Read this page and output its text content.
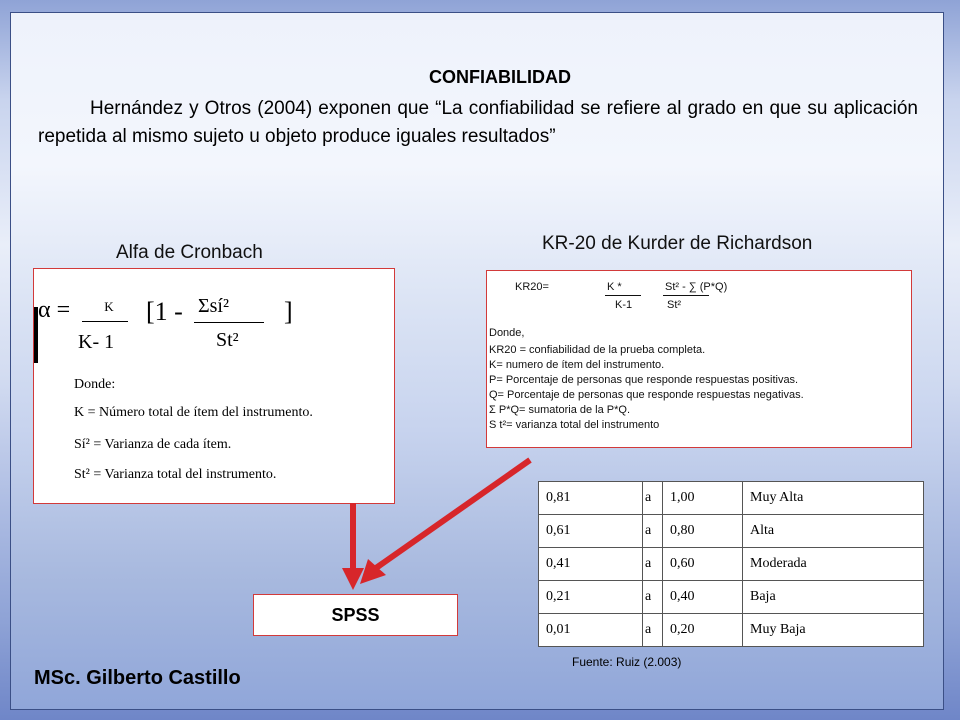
CONFIABILIDAD
Hernández y Otros (2004) exponen que “La confiabilidad se refiere al grado en que su aplicación repetida al mismo sujeto u objeto produce iguales resultados”
Alfa de Cronbach
α =	K
K- 1
[1 - Σsí²
St²
]
Donde:
K = Número total de ítem del instrumento.
Sí² = Varianza de cada ítem.
St² = Varianza total del instrumento.
KR-20 de Kurder de Richardson
KR20=	K *
K-1
St² - ∑ (P*Q)
St²
Donde,
KR20 = confiabilidad de la prueba completa.
K= numero de ítem del instrumento.
P= Porcentaje de personas que responde respuestas positivas.
Q= Porcentaje de personas que responde respuestas negativas.
Σ P*Q= sumatoria de la P*Q.
S t²= varianza total del instrumento
SPSS
0,81	a	1,00	Muy Alta
0,61	a	0,80	Alta
0,41	a	0,60	Moderada
0,21	a	0,40	Baja
0,01	a	0,20	Muy Baja
Fuente: Ruiz (2.003)
MSc. Gilberto Castillo
